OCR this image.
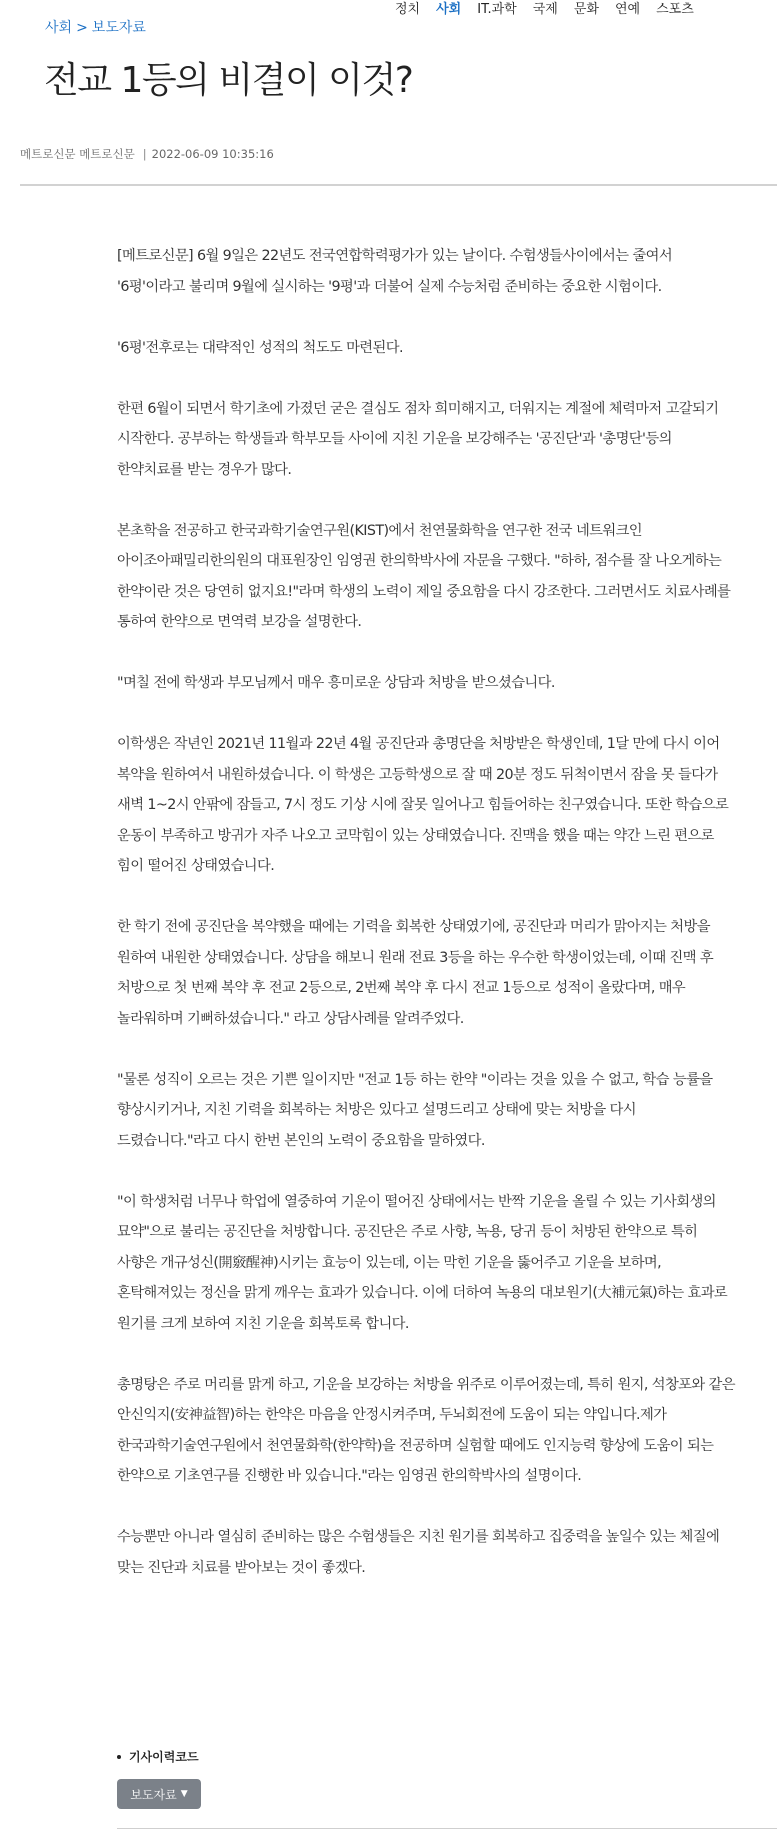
정치 사회 IT.과학 국제 문화 연예 스포츠
사회 > 보도자료
전교 1등의 비결이 이것?
메트로신문 메트로신문 | 2022-06-09 10:35:16

[메트로신문] 6월 9일은 22년도 전국연합학력평가가 있는 날이다. 수험생들사이에서는 줄여서 '6평'이라고 불리며 9월에 실시하는 '9평'과 더불어 실제 수능처럼 준비하는 중요한 시험이다.

'6평'전후로는 대략적인 성적의 척도도 마련된다.

한편 6월이 되면서 학기초에 가졌던 굳은 결심도 점차 희미해지고, 더워지는 계절에 체력마저 고갈되기 시작한다. 공부하는 학생들과 학부모들 사이에 지친 기운을 보강해주는 '공진단'과 '총명단'등의 한약치료를 받는 경우가 많다.

본초학을 전공하고 한국과학기술연구원(KIST)에서 천연물화학을 연구한 전국 네트워크인 아이조아패밀리한의원의 대표원장인 임영권 한의학박사에 자문을 구했다. "하하, 점수를 잘 나오게하는 한약이란 것은 당연히 없지요!"라며 학생의 노력이 제일 중요함을 다시 강조한다. 그러면서도 치료사례를 통하여 한약으로 면역력 보강을 설명한다.

"며칠 전에 학생과 부모님께서 매우 흥미로운 상담과 처방을 받으셨습니다.

이학생은 작년인 2021년 11월과 22년 4월 공진단과 총명단을 처방받은 학생인데, 1달 만에 다시 이어 복약을 원하여서 내원하셨습니다. 이 학생은 고등학생으로 잘 때 20분 정도 뒤척이면서 잠을 못 들다가 새벽 1~2시 안팎에 잠들고, 7시 정도 기상 시에 잘못 일어나고 힘들어하는 친구였습니다. 또한 학습으로 운동이 부족하고 방귀가 자주 나오고 코막힘이 있는 상태였습니다. 진맥을 했을 때는 약간 느린 편으로 힘이 떨어진 상태였습니다.

한 학기 전에 공진단을 복약했을 때에는 기력을 회복한 상태였기에, 공진단과 머리가 맑아지는 처방을 원하여 내원한 상태였습니다. 상담을 해보니 원래 전료 3등을 하는 우수한 학생이었는데, 이때 진맥 후 처방으로 첫 번째 복약 후 전교 2등으로, 2번째 복약 후 다시 전교 1등으로 성적이 올랐다며, 매우 놀라워하며 기뻐하셨습니다." 라고 상담사례를 알려주었다.

"물론 성직이 오르는 것은 기쁜 일이지만 "전교 1등 하는 한약 "이라는 것을 있을 수 없고, 학습 능률을 향상시키거나, 지친 기력을 회복하는 처방은 있다고 설명드리고 상태에 맞는 처방을 다시 드렸습니다."라고 다시 한번 본인의 노력이 중요함을 말하였다.

"이 학생처럼 너무나 학업에 열중하여 기운이 떨어진 상태에서는 반짝 기운을 올릴 수 있는 기사회생의 묘약"으로 불리는 공진단을 처방합니다. 공진단은 주로 사향, 녹용, 당귀 등이 처방된 한약으로 특히 사향은 개규성신(開竅醒神)시키는 효능이 있는데, 이는 막힌 기운을 뚫어주고 기운을 보하며,혼탁해져있는 정신을 맑게 깨우는 효과가 있습니다. 이에 더하여 녹용의 대보원기(大補元氣)하는 효과로 원기를 크게 보하여 지친 기운을 회복토록 합니다.

총명탕은 주로 머리를 맑게 하고, 기운을 보강하는 처방을 위주로 이루어졌는데, 특히 원지, 석창포와 같은 안신익지(安神益智)하는 한약은 마음을 안정시켜주며, 두뇌회전에 도움이 되는 약입니다.제가 한국과학기술연구원에서 천연물화학(한약학)을 전공하며 실험할 때에도 인지능력 향상에 도움이 되는 한약으로 기초연구를 진행한 바 있습니다."라는 임영권 한의학박사의 설명이다.

수능뿐만 아니라 열심히 준비하는 많은 수험생들은 지친 원기를 회복하고 집중력을 높일수 있는 체질에 맞는 진단과 치료를 받아보는 것이 좋겠다.

기사이력코드
보도자료 ▼
